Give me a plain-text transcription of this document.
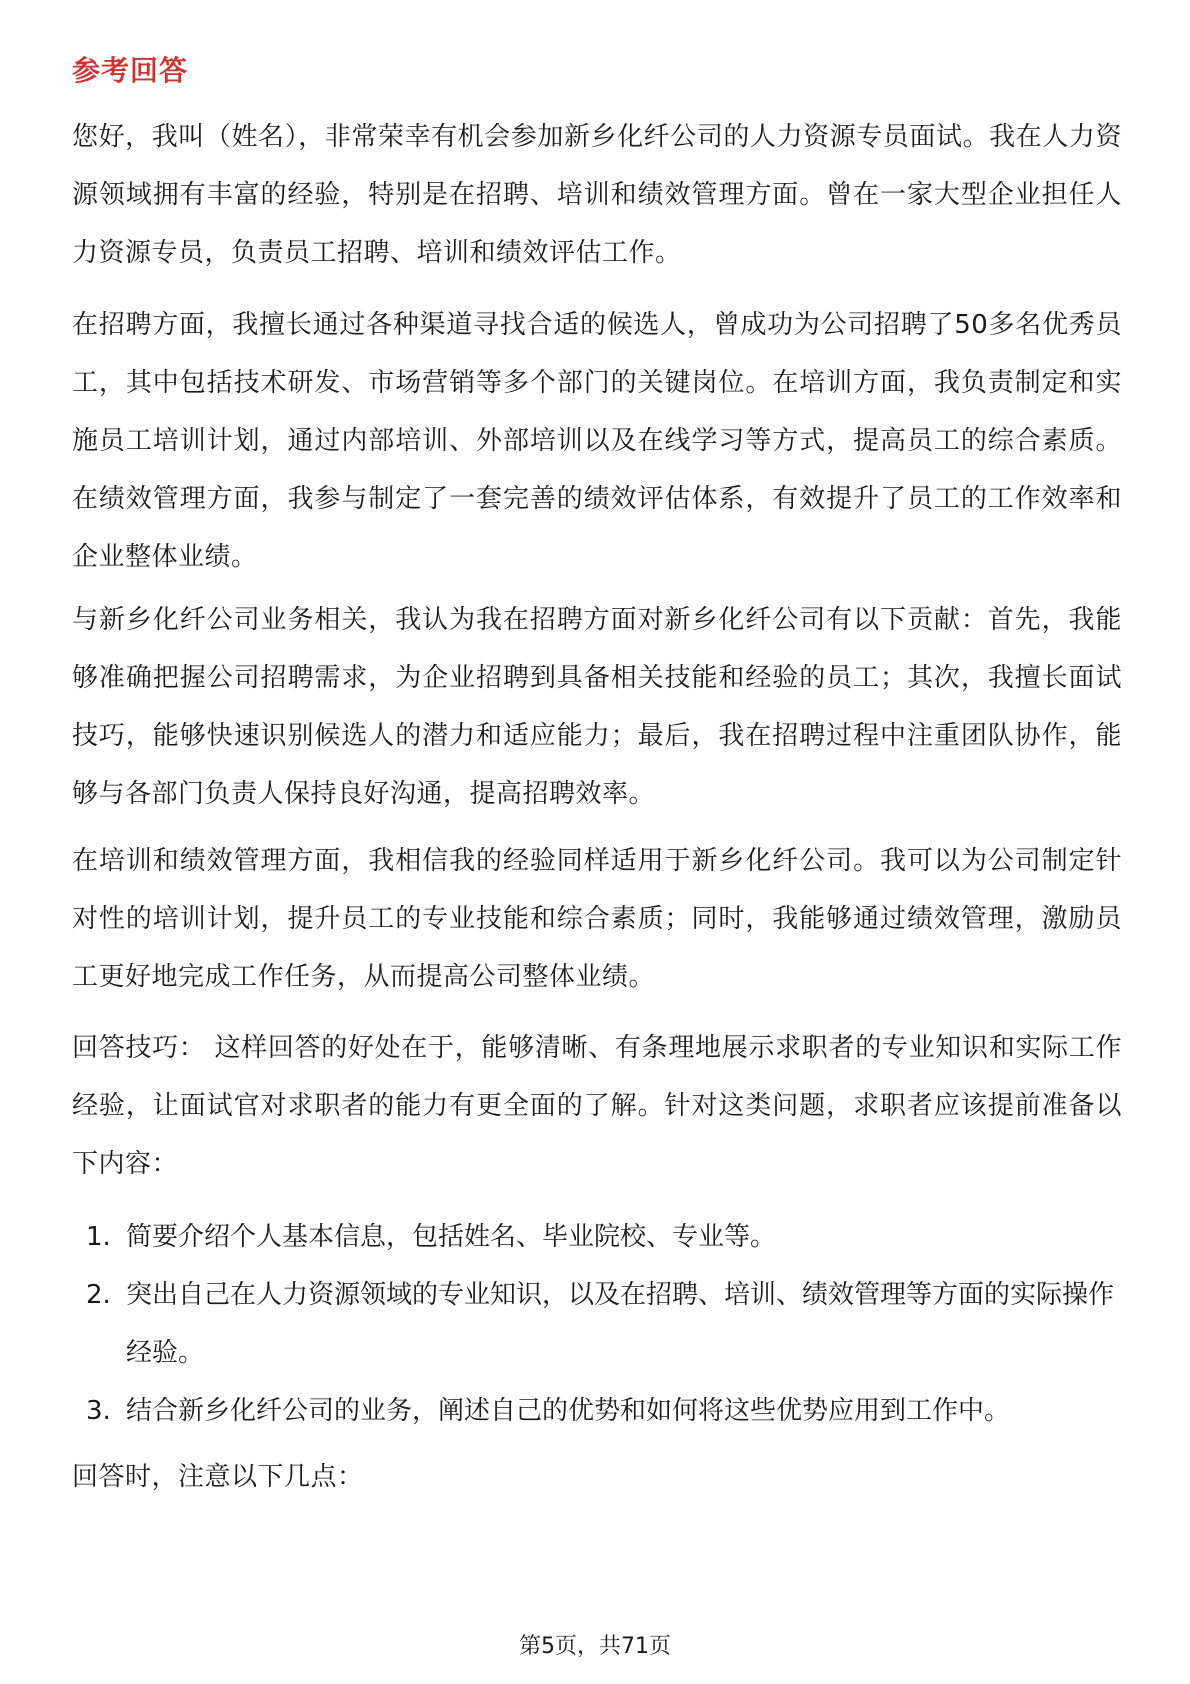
参考回答

您好，我叫（姓名），非常荣幸有机会参加新乡化纤公司的人力资源专员面试。我在人力资源领域拥有丰富的经验，特别是在招聘、培训和绩效管理方面。曾在一家大型企业担任人力资源专员，负责员工招聘、培训和绩效评估工作。

在招聘方面，我擅长通过各种渠道寻找合适的候选人，曾成功为公司招聘了50多名优秀员工，其中包括技术研发、市场营销等多个部门的关键岗位。在培训方面，我负责制定和实施员工培训计划，通过内部培训、外部培训以及在线学习等方式，提高员工的综合素质。在绩效管理方面，我参与制定了一套完善的绩效评估体系，有效提升了员工的工作效率和企业整体业绩。

与新乡化纤公司业务相关，我认为我在招聘方面对新乡化纤公司有以下贡献：首先，我能够准确把握公司招聘需求，为企业招聘到具备相关技能和经验的员工；其次，我擅长面试技巧，能够快速识别候选人的潜力和适应能力；最后，我在招聘过程中注重团队协作，能够与各部门负责人保持良好沟通，提高招聘效率。

在培训和绩效管理方面，我相信我的经验同样适用于新乡化纤公司。我可以为公司制定针对性的培训计划，提升员工的专业技能和综合素质；同时，我能够通过绩效管理，激励员工更好地完成工作任务，从而提高公司整体业绩。

回答技巧： 这样回答的好处在于，能够清晰、有条理地展示求职者的专业知识和实际工作经验，让面试官对求职者的能力有更全面的了解。针对这类问题，求职者应该提前准备以下内容：

1. 简要介绍个人基本信息，包括姓名、毕业院校、专业等。
2. 突出自己在人力资源领域的专业知识，以及在招聘、培训、绩效管理等方面的实际操作经验。
3. 结合新乡化纤公司的业务，阐述自己的优势和如何将这些优势应用到工作中。

回答时，注意以下几点：

第5页，共71页
